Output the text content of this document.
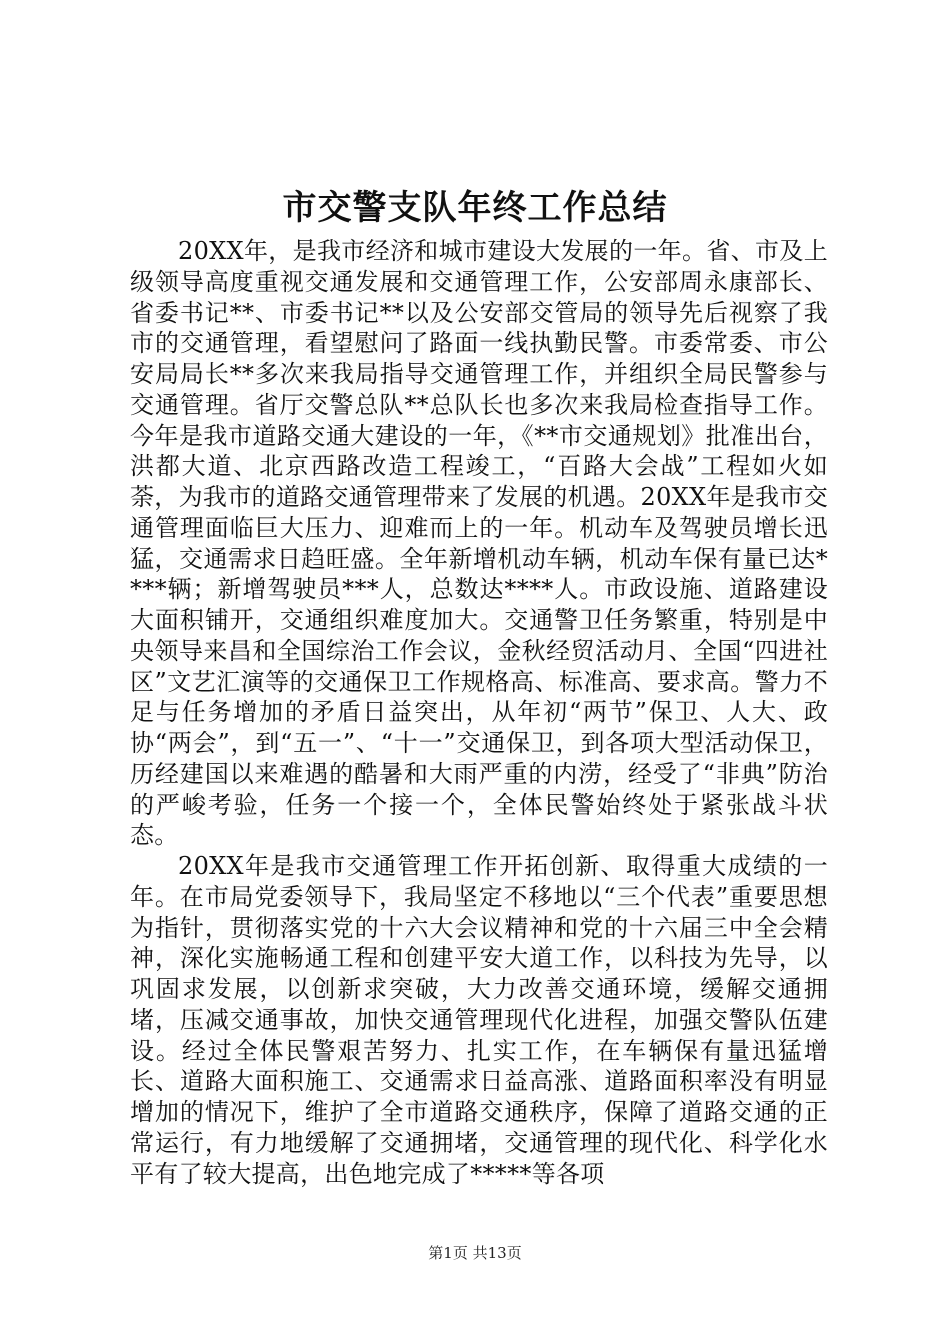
市交警支队年终工作总结

20XX年，是我市经济和城市建设大发展的一年。省、市及上级领导高度重视交通发展和交通管理工作，公安部周永康部长、省委书记**、市委书记**以及公安部交管局的领导先后视察了我市的交通管理，看望慰问了路面一线执勤民警。市委常委、市公安局局长**多次来我局指导交通管理工作，并组织全局民警参与交通管理。省厅交警总队**总队长也多次来我局检查指导工作。今年是我市道路交通大建设的一年，《**市交通规划》批准出台，洪都大道、北京西路改造工程竣工，“百路大会战”工程如火如荼，为我市的道路交通管理带来了发展的机遇。20XX年是我市交通管理面临巨大压力、迎难而上的一年。机动车及驾驶员增长迅猛，交通需求日趋旺盛。全年新增机动车辆，机动车保有量已达****辆；新增驾驶员***人，总数达****人。市政设施、道路建设大面积铺开，交通组织难度加大。交通警卫任务繁重，特别是中央领导来昌和全国综治工作会议，金秋经贸活动月、全国“四进社区”文艺汇演等的交通保卫工作规格高、标准高、要求高。警力不足与任务增加的矛盾日益突出，从年初“两节”保卫、人大、政协“两会”，到“五一”、“十一”交通保卫，到各项大型活动保卫，历经建国以来难遇的酷暑和大雨严重的内涝，经受了“非典”防治的严峻考验，任务一个接一个，全体民警始终处于紧张战斗状态。

20XX年是我市交通管理工作开拓创新、取得重大成绩的一年。在市局党委领导下，我局坚定不移地以“三个代表”重要思想为指针，贯彻落实党的十六大会议精神和党的十六届三中全会精神，深化实施畅通工程和创建平安大道工作，以科技为先导，以巩固求发展，以创新求突破，大力改善交通环境，缓解交通拥堵，压减交通事故，加快交通管理现代化进程，加强交警队伍建设。经过全体民警艰苦努力、扎实工作，在车辆保有量迅猛增长、道路大面积施工、交通需求日益高涨、道路面积率没有明显增加的情况下，维护了全市道路交通秩序，保障了道路交通的正常运行，有力地缓解了交通拥堵，交通管理的现代化、科学化水平有了较大提高，出色地完成了*****等各项

第1页 共13页
